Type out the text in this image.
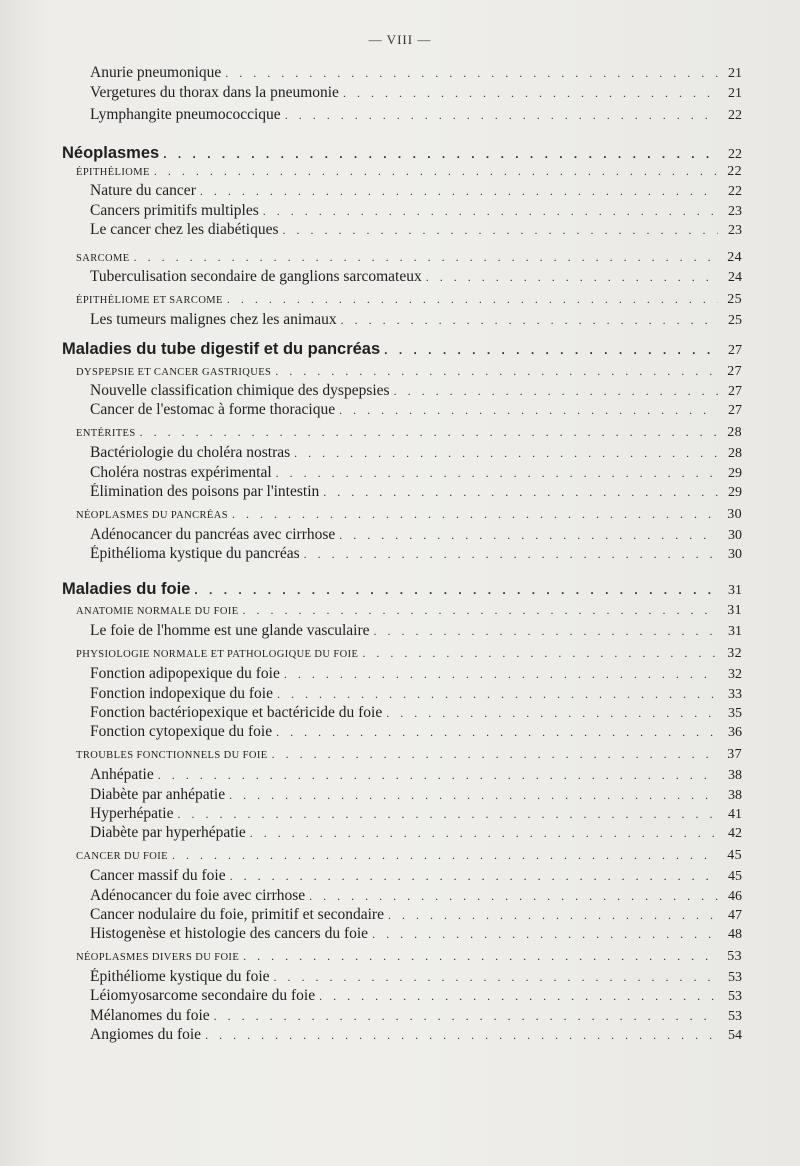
— VIII —
Anurie pneumonique . . .	21
Vergetures du thorax dans la pneumonie . . .	21
Lymphangite pneumococcique . . .	22
Néoplasmes . . .	22
ÉPITHÉLIOME . . .	22
Nature du cancer . . .	22
Cancers primitifs multiples . . .	23
Le cancer chez les diabétiques . . .	23
SARCOME . . .	24
Tuberculisation secondaire de ganglions sarcomateux . . .	24
ÉPITHÉLIOME ET SARCOME . . .	25
Les tumeurs malignes chez les animaux . . .	25
Maladies du tube digestif et du pancréas . . .	27
DYSPEPSIE ET CANCER GASTRIQUES . . .	27
Nouvelle classification chimique des dyspepsies . . .	27
Cancer de l'estomac à forme thoracique . . .	27
ENTÉRITES . . .	28
Bactériologie du choléra nostras . . .	28
Choléra nostras expérimental . . .	29
Élimination des poisons par l'intestin . . .	29
NÉOPLASMES DU PANCRÉAS . . .	30
Adénocancer du pancréas avec cirrhose . . .	30
Épithélioma kystique du pancréas . . .	30
Maladies du foie . . .	31
ANATOMIE NORMALE DU FOIE . . .	31
Le foie de l'homme est une glande vasculaire . . .	31
PHYSIOLOGIE NORMALE ET PATHOLOGIQUE DU FOIE . . .	32
Fonction adipopexique du foie . . .	32
Fonction indopexique du foie . . .	33
Fonction bactériopexique et bactéricide du foie . . .	35
Fonction cytopexique du foie . . .	36
TROUBLES FONCTIONNELS DU FOIE . . .	37
Anhépatie . . .	38
Diabète par anhépatie . . .	38
Hyperhépatie . . .	41
Diabète par hyperhépatie . . .	42
CANCER DU FOIE . . .	45
Cancer massif du foie . . .	45
Adénocancer du foie avec cirrhose . . .	46
Cancer nodulaire du foie, primitif et secondaire . . .	47
Histogenèse et histologie des cancers du foie . . .	48
NÉOPLASMES DIVERS DU FOIE . . .	53
Épithéliome kystique du foie . . .	53
Léiomyosarcome secondaire du foie . . .	53
Mélanomes du foie . . .	53
Angiomes du foie . . .	54
